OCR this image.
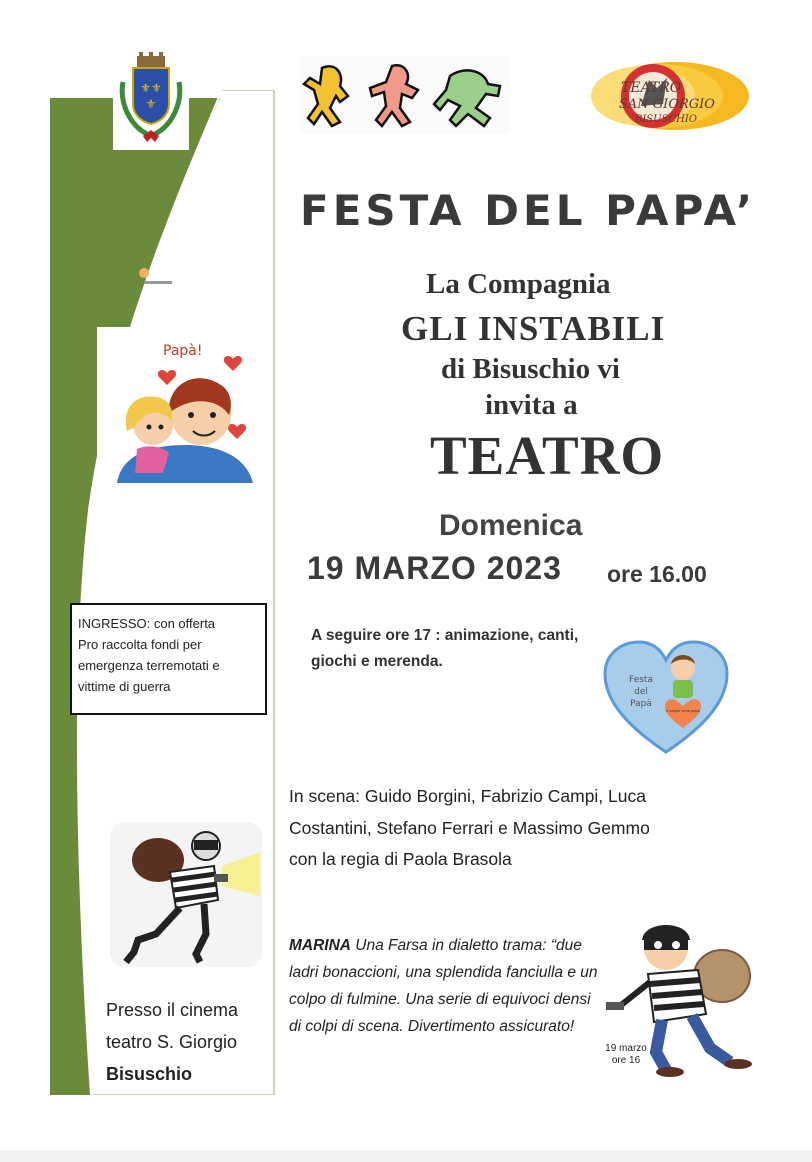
⚜⚜
⚜
TEATRO
SAN GIORGIO
BISUSCHIO
FESTA DEL PAPA’
La Compagnia
GLI INSTABILI
di Bisuschio vi
invita a
TEATRO
Domenica
19 MARZO 2023 ore 16.00
A seguire ore 17 : animazione, canti, giochi e merenda.
Festa
del
Papà
ti voglio bene papà

INGRESSO: con offerta

Pro raccolta fondi per

emergenza terremotati e

vittime di guerra

Papà!
In scena: Guido Borgini, Fabrizio Campi, Luca
Costantini, Stefano Ferrari e Massimo Gemmo
con la regia di Paola Brasola
MARINA Una Farsa in dialetto trama: “due ladri bonaccioni, una splendida fanciulla e un colpo di fulmine. Una serie di equivoci densi di colpi di scena. Divertimento assicurato!
19 marzo
ore 16
Presso il cinema
teatro S. Giorgio
Bisuschio
